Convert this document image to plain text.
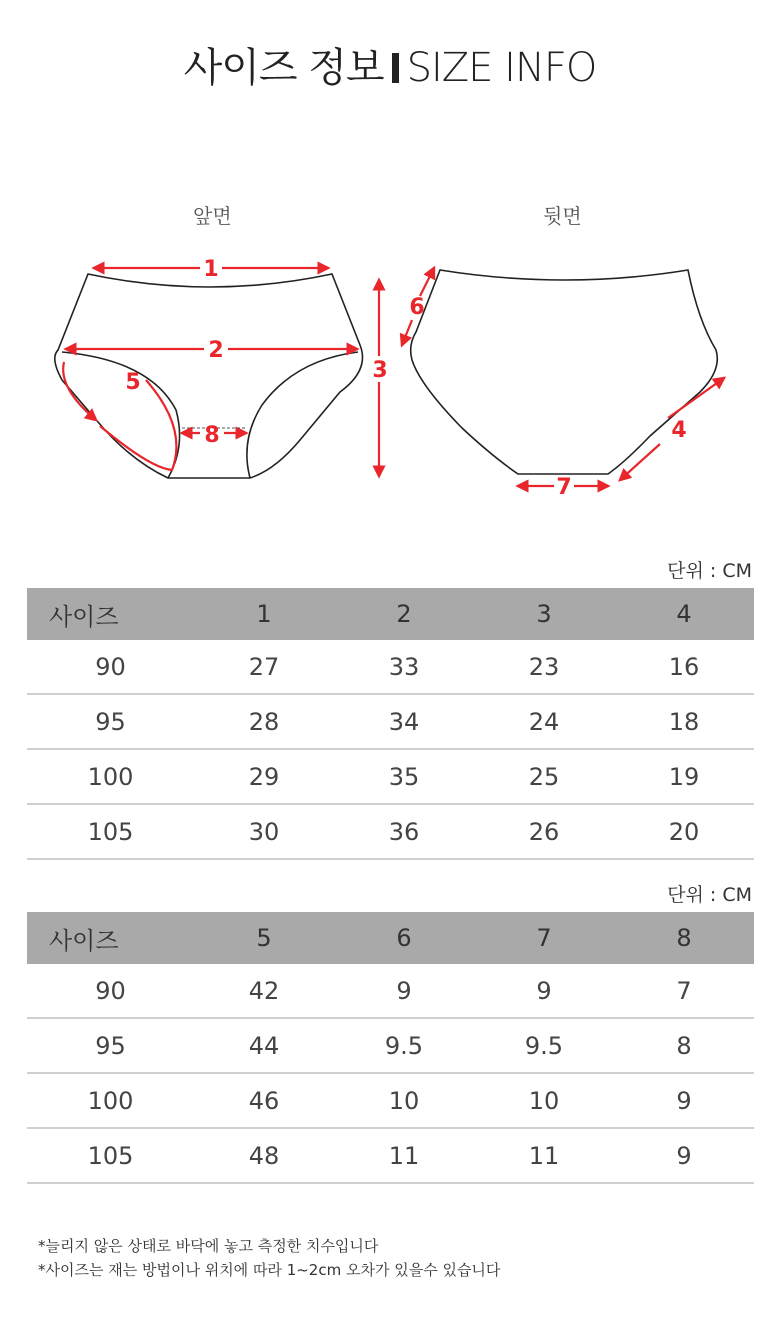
사이즈 정보 SIZE INFO
앞면	뒷면
1
2
3
4
5
6
7
8
단위 : CM
사이즈	1	2	3	4
90	27	33	23	16
95	28	34	24	18
100	29	35	25	19
105	30	36	26	20
단위 : CM
사이즈	5	6	7	8
90	42	9	9	7
95	44	9.5	9.5	8
100	46	10	10	9
105	48	11	11	9
*늘리지 않은 상태로 바닥에 놓고 측정한 치수입니다
*사이즈는 재는 방법이나 위치에 따라 1~2cm 오차가 있을수 있습니다
